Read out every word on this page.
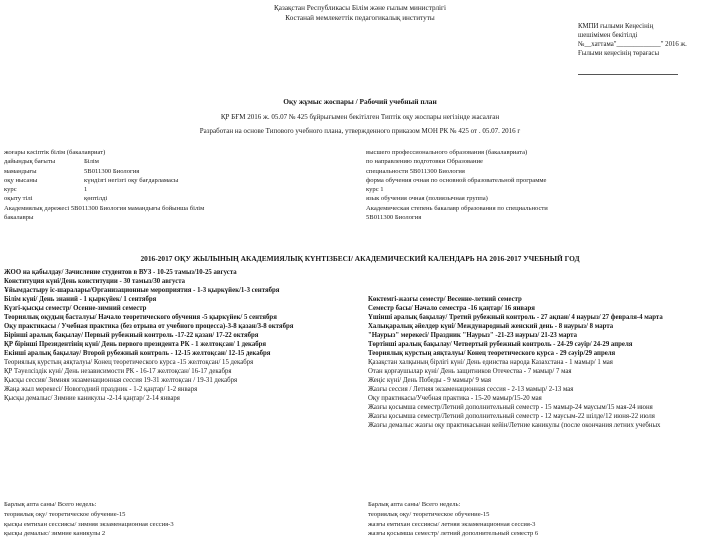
Қазақстан Республикасы Білім және ғылым министрлігі
Костанай мемлекеттік педагогикалық институты
КМПИ ғылыми Кеңесінің
шешімімен бекітілді
№__хаттама"_____________" 2016 ж.
Ғылыми кеңесінің төрағасы
Оқу жұмыс жоспары / Рабочий учебный план
ҚР БҒМ 2016 ж. 05.07 № 425 бұйрығымен бекітілген Типтік оқу жоспары негізінде жасалған
Разработан на основе Типового учебного плана, утвержденного приказом МОН РК № 425 от . 05.07. 2016 г
жоғары кәсіптік білім (бакалавриат)
дайындық бағыты	Білім
мамандығы	5B011300 Биология
оқу нысаны	күндізгі негізгі оқу бағдарламасы
курс	1
оқыту тілі	қөптілді
Академиялық дәрежесі 5B011300 Биология мамандығы бойынша білім
бакалавры
высшего профессионального образования (бакалавриата)
по направлению подготовки Образование
специальности 5B011300 Биология
форма обучения очная по основной образовательной программе
курс 1
язык обучения очная (полиязычная группа)
Академическая степень бакалавр образования по специальности
5B011300 Биология
2016-2017 ОҚУ ЖЫЛЫНЫҢ АКАДЕМИЯЛЫҚ КҮНТІЗБЕСІ/ АКАДЕМИЧЕСКИЙ КАЛЕНДАРЬ НА 2016-2017 УЧЕБНЫЙ ГОД
ЖОО на қабылдау/ Зачисление студентов в ВУЗ - 10-25 тамыз/10-25 августа
Конституция күні/День конституции - 30 тамыз/30 августа
Ұйымдастыру іс-шаралары/Организационные мероприятия - 1-3 қыркүйек/1-3 сентября
Білім күні/ День знаний - 1 қыркүйек/ 1 сентября
Күзгі-қысқы семестр/ Осенне-зимний семестр
Теориялық оқудың басталуы/ Начало теоретического обучения -5 қыркүйек/ 5 сентября
Оқу практикасы / Учебная практика (без отрыва от учебного процесса)-3-8 қазан/3-8 октября
Бірінші аралық бақылау/ Первый рубежный контроль -17-22 қазан/ 17-22 октября
ҚР бірінші Президентінің күні/ День первого президента РК - 1 желтоқсан/ 1 декабря
Екінші аралық бақылау/ Второй рубежный контроль - 12-15 желтоқсан/ 12-15 декабря
Теориялық курстың аяқталуы/ Конец теоретического курса -15 желтоқсан/ 15 декабря
ҚР Тәуелсіздік күні/ День независимости РК - 16-17 желтоқсан/ 16-17 декабря
Қысқы сессия/ Зимняя экзаменационная сессия 19-31 желтоқсан / 19-31 декабря
Жаңа жыл мерекесі/ Новогодний праздник - 1-2 қаңтар/ 1-2 января
Қысқы демалыс/ Зимние каникулы -2-14 қаңтар/ 2-14 января
Көктемгі-жазғы семестр/ Весенне-летний семестр
Семестр басы/ Начало семестра -16 қаңтар/ 16 января
Үшінші аралық бақылау/ Третий рубежный контроль - 27 ақпан/ 4 наурыз/ 27 февраля-4 марта
Халықаралық әйелдер күні/ Международный женский день - 8 наурыз/ 8 марта
"Наурыз" мерекесі/ Праздник "Наурыз" -21-23 наурыз/ 21-23 марта
Төртінші аралық бақылау/ Четвертый рубежный контроль - 24-29 сәуір/ 24-29 апреля
Теориялық курстың аяқталуы/ Конец теоретического курса - 29 сәуір/29 апреля
Қазақстан халқының бірлігі күні/ День единства народа Казахстана - 1 мамыр/ 1 мая
Отан қорғаушылар күні/ День защитников Отечества - 7 мамыр/ 7 мая
Жеңіс күні/ День Победы - 9 мамыр/ 9 мая
Жазғы сессия / Летняя экзаменационная сессия - 2-13 мамыр/ 2-13 мая
Оқу практикасы/Учебная практика - 15-20 мамыр/15-20 мая
Жазғы қосымша семестр/Летний дополнительный семестр - 15 мамыр-24 маусым/15 мая-24 июня
Жазғы қосымша семестр/Летний дополнительный семестр - 12 маусым-22 шілде/12 июня-22 июля
Жазғы демалыс жазғы оқу практикасынан кейін/Летние каникулы (после окончания летних учебных
Барлық апта саны/ Всего недель:
теориялық оқу/ теоретическое обучение-15
қысқы емтихан сессиясы/ зимняя экзаменационная сессия-3
қысқы демалыс/ зимние каникулы 2
Барлық апта саны/ Всего недель:
теориялық оқу/ теоретическое обучение-15
жазғы емтихан сессиясы/ летняя экзаменационная сессия-3
жазғы қосымша семестр/ летний дополнительный семестр 6
